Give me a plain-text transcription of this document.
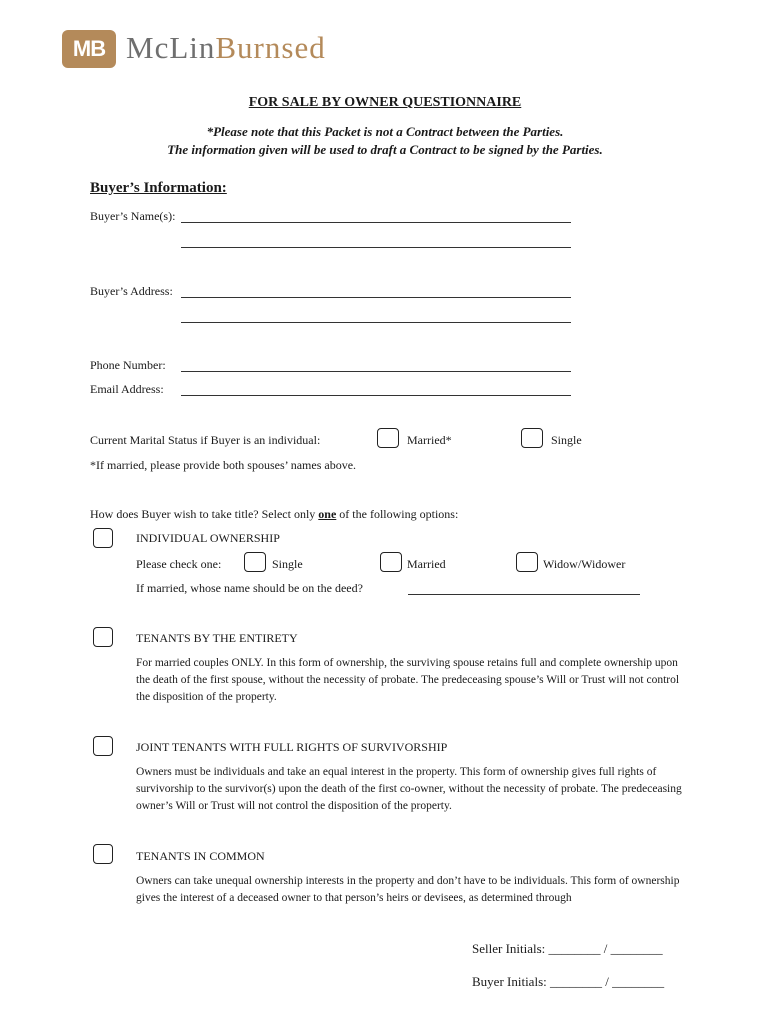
MB McLinBurnsed
FOR SALE BY OWNER QUESTIONNAIRE
*Please note that this Packet is not a Contract between the Parties.
The information given will be used to draft a Contract to be signed by the Parties.
Buyer’s Information:
Buyer’s Name(s):
Buyer’s Address:
Phone Number:
Email Address:
Current Marital Status if Buyer is an individual:	Married*	Single
*If married, please provide both spouses’ names above.
How does Buyer wish to take title? Select only one of the following options:
INDIVIDUAL OWNERSHIP
Please check one:	Single	Married	Widow/Widower
If married, whose name should be on the deed?
TENANTS BY THE ENTIRETY
For married couples ONLY. In this form of ownership, the surviving spouse retains full and complete ownership upon the death of the first spouse, without the necessity of probate. The predeceasing spouse’s Will or Trust will not control the disposition of the property.
JOINT TENANTS WITH FULL RIGHTS OF SURVIVORSHIP
Owners must be individuals and take an equal interest in the property. This form of ownership gives full rights of survivorship to the survivor(s) upon the death of the first co-owner, without the necessity of probate. The predeceasing owner’s Will or Trust will not control the disposition of the property.
TENANTS IN COMMON
Owners can take unequal ownership interests in the property and don’t have to be individuals. This form of ownership gives the interest of a deceased owner to that person’s heirs or devisees, as determined through
Seller Initials: ________ / ________
Buyer Initials: ________ / ________
